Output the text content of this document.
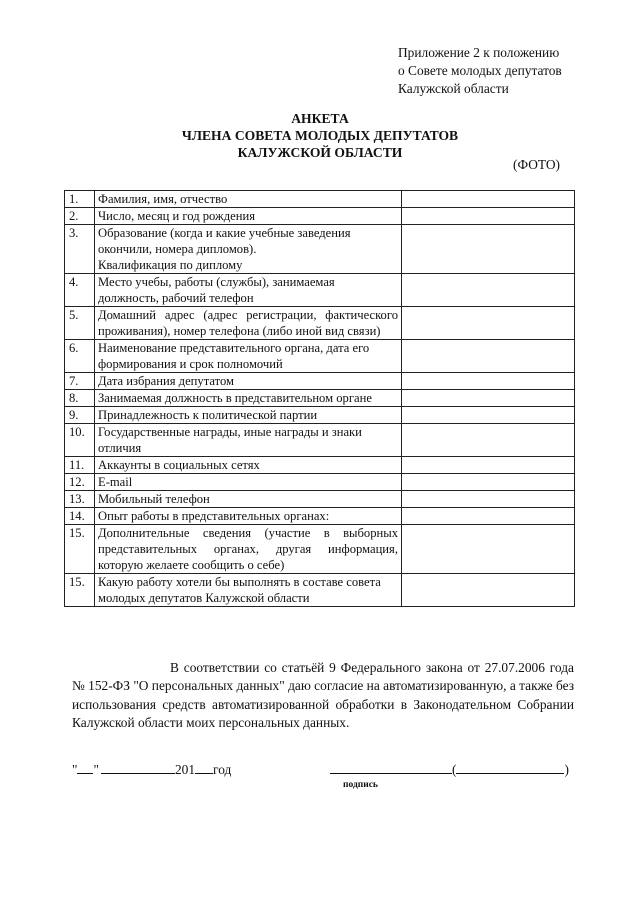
Приложение 2 к положению
о Совете молодых депутатов
Калужской области
АНКЕТА
ЧЛЕНА СОВЕТА МОЛОДЫХ ДЕПУТАТОВ
КАЛУЖСКОЙ ОБЛАСТИ
(ФОТО)
1.	Фамилия, имя, отчество	
2.	Число, месяц и год рождения	
3.	Образование (когда и какие учебные заведения окончили, номера дипломов).
Квалификация по диплому	
4.	Место учебы, работы (службы), занимаемая должность, рабочий телефон	
5.	Домашний адрес (адрес регистрации, фактического проживания), номер телефона (либо иной вид связи)	
6.	Наименование представительного органа, дата его формирования и срок полномочий	
7.	Дата избрания депутатом	
8.	Занимаемая должность в представительном органе	
9.	Принадлежность к политической партии	
10.	Государственные награды, иные награды и знаки отличия	
11.	Аккаунты в социальных сетях	
12.	E-mail	
13.	Мобильный телефон	
14.	Опыт работы в представительных органах:	
15.	Дополнительные сведения (участие в выборных представительных органах, другая информация, которую желаете сообщить о себе)	
15.	Какую работу хотели бы выполнять в составе совета молодых депутатов Калужской области	
В соответствии со статьёй 9 Федерального закона от 27.07.2006 года № 152-ФЗ "О персональных данных" даю согласие на автоматизированную, а также без использования средств автоматизированной обработки в Законодательном Собрании Калужской области моих персональных данных.
" "	201 год	(	)
подпись
